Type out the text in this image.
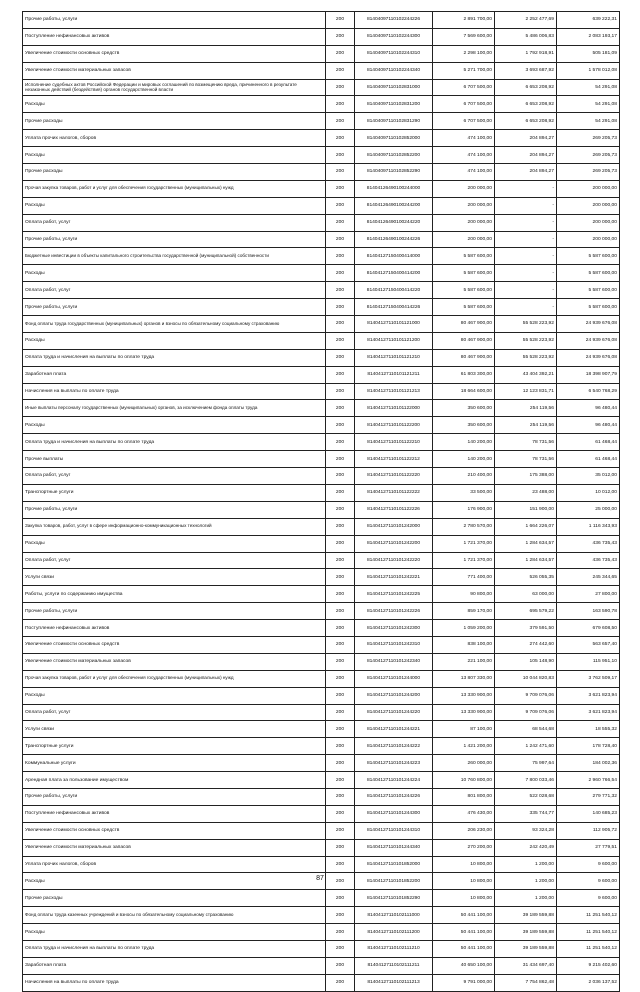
Прочие работы, услуги	200	81404097110102244226	2 891 700,00	2 252 477,69	639 222,31
Поступление нефинансовых активов	200	81404097110102244300	7 569 600,00	5 486 006,83	2 083 193,17
Увеличение стоимости основных средств	200	81404097110102244310	2 298 100,00	1 792 918,91	505 181,09
Увеличение стоимости материальных запасов	200	81404097110102244340	5 271 700,00	3 693 687,92	1 578 012,08
Исполнение судебных актов Российской Федерации и мировых соглашений по возмещению вреда, причиненного в результате незаконных действий (бездействия) органов государственной власти	200	81404097110102831000	6 707 500,00	6 653 208,92	54 291,08
Расходы	200	81404097110102831200	6 707 500,00	6 653 208,92	54 291,08
Прочие расходы	200	81404097110102831290	6 707 500,00	6 653 208,92	54 291,08
Уплата прочих налогов, сборов	200	81404097110102852000	474 100,00	204 894,27	269 205,73
Расходы	200	81404097110102852200	474 100,00	204 894,27	269 205,73
Прочие расходы	200	81404097110102852290	474 100,00	204 894,27	269 205,73
Прочая закупка товаров, работ и услуг для обеспечения государственных (муниципальных) нужд	200	81404126490100244000	200 000,00	-	200 000,00
Расходы	200	81404126490100244200	200 000,00	-	200 000,00
Оплата работ, услуг	200	81404126490100244220	200 000,00	-	200 000,00
Прочие работы, услуги	200	81404126490100244226	200 000,00	-	200 000,00
Бюджетные инвестиции в объекты капитального строительства государственной (муниципальной) собственности	200	81404127150400414000	5 587 600,00	-	5 587 600,00
Расходы	200	81404127150400414200	5 587 600,00	-	5 587 600,00
Оплата работ, услуг	200	81404127150400414220	5 587 600,00	-	5 587 600,00
Прочие работы, услуги	200	81404127150400414226	5 587 600,00	-	5 587 600,00
Фонд оплаты труда государственных (муниципальных) органов и взносы по обязательному социальному страхованию	200	81404127110101121000	80 467 900,00	55 528 223,92	24 939 676,08
Расходы	200	81404127110101121200	80 467 900,00	55 528 223,92	24 939 676,08
Оплата труда и начисления на выплаты по оплате труда	200	81404127110101121210	80 467 900,00	55 528 223,92	24 939 676,08
Заработная плата	200	81404127110101121211	61 803 300,00	43 404 392,21	18 398 907,79
Начисления на выплаты по оплате труда	200	81404127110101121213	18 664 600,00	12 123 831,71	6 540 768,29
Иные выплаты персоналу государственных (муниципальных) органов, за исключением фонда оплаты труда	200	81404127110101122000	350 600,00	254 119,56	96 480,44
Расходы	200	81404127110101122200	350 600,00	254 119,56	96 480,44
Оплата труда и начисления на выплаты по оплате труда	200	81404127110101122210	140 200,00	78 731,56	61 468,44
Прочие выплаты	200	81404127110101122212	140 200,00	78 731,56	61 468,44
Оплата работ, услуг	200	81404127110101122220	210 400,00	175 388,00	35 012,00
Транспортные услуги	200	81404127110101122222	33 500,00	23 488,00	10 012,00
Прочие работы, услуги	200	81404127110101122226	176 900,00	151 900,00	25 000,00
Закупка товаров, работ, услуг в сфере информационно-коммуникационных технологий	200	81404127110101242000	2 780 570,00	1 664 226,07	1 116 343,93
Расходы	200	81404127110101242200	1 721 370,00	1 284 634,57	436 735,43
Оплата работ, услуг	200	81404127110101242220	1 721 370,00	1 284 634,57	436 735,43
Услуги связи	200	81404127110101242221	771 400,00	526 055,35	245 344,65
Работы, услуги по содержанию имущества	200	81404127110101242225	90 800,00	63 000,00	27 800,00
Прочие работы, услуги	200	81404127110101242226	859 170,00	695 579,22	163 590,78
Поступление нефинансовых активов	200	81404127110101242300	1 059 200,00	379 591,50	679 608,50
Увеличение стоимости основных средств	200	81404127110101242310	838 100,00	274 442,60	563 657,40
Увеличение стоимости материальных запасов	200	81404127110101242340	221 100,00	105 148,90	115 951,10
Прочая закупка товаров, работ и услуг для обеспечения государственных (муниципальных) нужд	200	81404127110101244000	13 807 330,00	10 044 820,83	3 762 509,17
Расходы	200	81404127110101244200	13 330 900,00	9 709 076,06	3 621 823,94
Оплата работ, услуг	200	81404127110101244220	13 330 900,00	9 709 076,06	3 621 823,94
Услуги связи	200	81404127110101244221	87 100,00	68 544,68	18 555,32
Транспортные услуги	200	81404127110101244222	1 421 200,00	1 242 471,60	178 728,40
Коммунальные услуги	200	81404127110101244223	260 000,00	75 997,64	184 002,36
Арендная плата за пользование имуществом	200	81404127110101244224	10 760 800,00	7 800 033,46	2 960 766,54
Прочие работы, услуги	200	81404127110101244226	801 800,00	522 028,68	279 771,32
Поступление нефинансовых активов	200	81404127110101244300	476 430,00	335 744,77	140 685,23
Увеличение стоимости основных средств	200	81404127110101244310	206 230,00	93 324,28	112 905,72
Увеличение стоимости материальных запасов	200	81404127110101244340	270 200,00	242 420,49	27 779,51
Уплата прочих налогов, сборов	200	81404127110101852000	10 800,00	1 200,00	9 600,00
Расходы	200	81404127110101852200	10 800,00	1 200,00	9 600,00
Прочие расходы	200	81404127110101852290	10 800,00	1 200,00	9 600,00
Фонд оплаты труда казенных учреждений и взносы по обязательному социальному страхованию	200	81404127110102111000	50 441 100,00	39 189 559,88	11 251 540,12
Расходы	200	81404127110102111200	50 441 100,00	39 189 559,88	11 251 540,12
Оплата труда и начисления на выплаты по оплате труда	200	81404127110102111210	50 441 100,00	39 189 559,88	11 251 540,12
Заработная плата	200	81404127110102111211	40 650 100,00	31 434 697,40	9 215 402,60
Начисления на выплаты по оплате труда	200	81404127110102111213	9 791 000,00	7 754 862,48	2 036 137,52
87
